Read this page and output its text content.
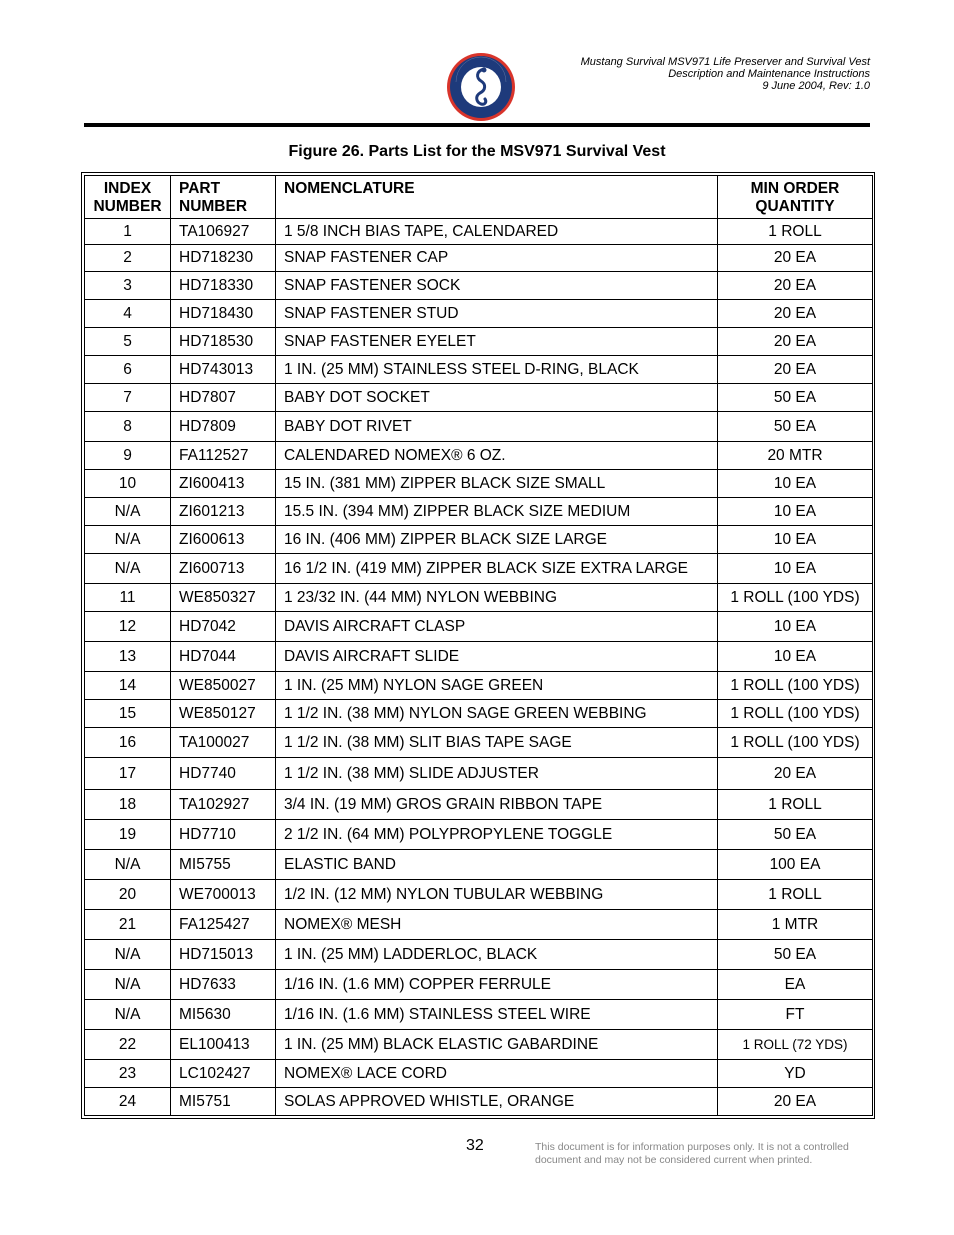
Mustang Survival MSV971 Life Preserver and Survival Vest
Description and Maintenance Instructions
9 June 2004, Rev: 1.0
Figure 26. Parts List for the MSV971 Survival Vest
INDEX NUMBER	PART NUMBER	NOMENCLATURE	MIN ORDER QUANTITY
1	TA106927	1 5/8 INCH BIAS TAPE, CALENDARED	1 ROLL
2	HD718230	SNAP FASTENER CAP	20 EA
3	HD718330	SNAP FASTENER SOCK	20 EA
4	HD718430	SNAP FASTENER STUD	20 EA
5	HD718530	SNAP FASTENER EYELET	20 EA
6	HD743013	1 IN. (25 MM) STAINLESS STEEL D-RING, BLACK	20 EA
7	HD7807	BABY DOT SOCKET	50 EA
8	HD7809	BABY DOT RIVET	50 EA
9	FA112527	CALENDARED NOMEX® 6 OZ.	20 MTR
10	ZI600413	15 IN. (381 MM) ZIPPER BLACK SIZE SMALL	10 EA
N/A	ZI601213	15.5 IN. (394 MM) ZIPPER BLACK SIZE MEDIUM	10 EA
N/A	ZI600613	16 IN. (406 MM) ZIPPER BLACK SIZE LARGE	10 EA
N/A	ZI600713	16 1/2 IN. (419 MM) ZIPPER BLACK SIZE EXTRA LARGE	10 EA
11	WE850327	1 23/32 IN. (44 MM) NYLON WEBBING	1 ROLL (100 YDS)
12	HD7042	DAVIS AIRCRAFT CLASP	10 EA
13	HD7044	DAVIS AIRCRAFT SLIDE	10 EA
14	WE850027	1 IN. (25 MM) NYLON SAGE GREEN	1 ROLL (100 YDS)
15	WE850127	1 1/2 IN. (38 MM) NYLON SAGE GREEN WEBBING	1 ROLL (100 YDS)
16	TA100027	1 1/2 IN. (38 MM) SLIT BIAS TAPE SAGE	1 ROLL (100 YDS)
17	HD7740	1 1/2 IN. (38 MM) SLIDE ADJUSTER	20 EA
18	TA102927	3/4 IN. (19 MM) GROS GRAIN RIBBON TAPE	1 ROLL
19	HD7710	2 1/2 IN. (64 MM) POLYPROPYLENE TOGGLE	50 EA
N/A	MI5755	ELASTIC BAND	100 EA
20	WE700013	1/2 IN. (12 MM) NYLON TUBULAR WEBBING	1 ROLL
21	FA125427	NOMEX® MESH	1 MTR
N/A	HD715013	1 IN. (25 MM) LADDERLOC, BLACK	50 EA
N/A	HD7633	1/16 IN. (1.6 MM) COPPER FERRULE	EA
N/A	MI5630	1/16 IN. (1.6 MM) STAINLESS STEEL WIRE	FT
22	EL100413	1 IN. (25 MM) BLACK ELASTIC GABARDINE	1 ROLL (72 YDS)
23	LC102427	NOMEX® LACE CORD	YD
24	MI5751	SOLAS APPROVED WHISTLE, ORANGE	20 EA
32	This document is for information purposes only. It is not a controlled
document and may not be considered current when printed.
